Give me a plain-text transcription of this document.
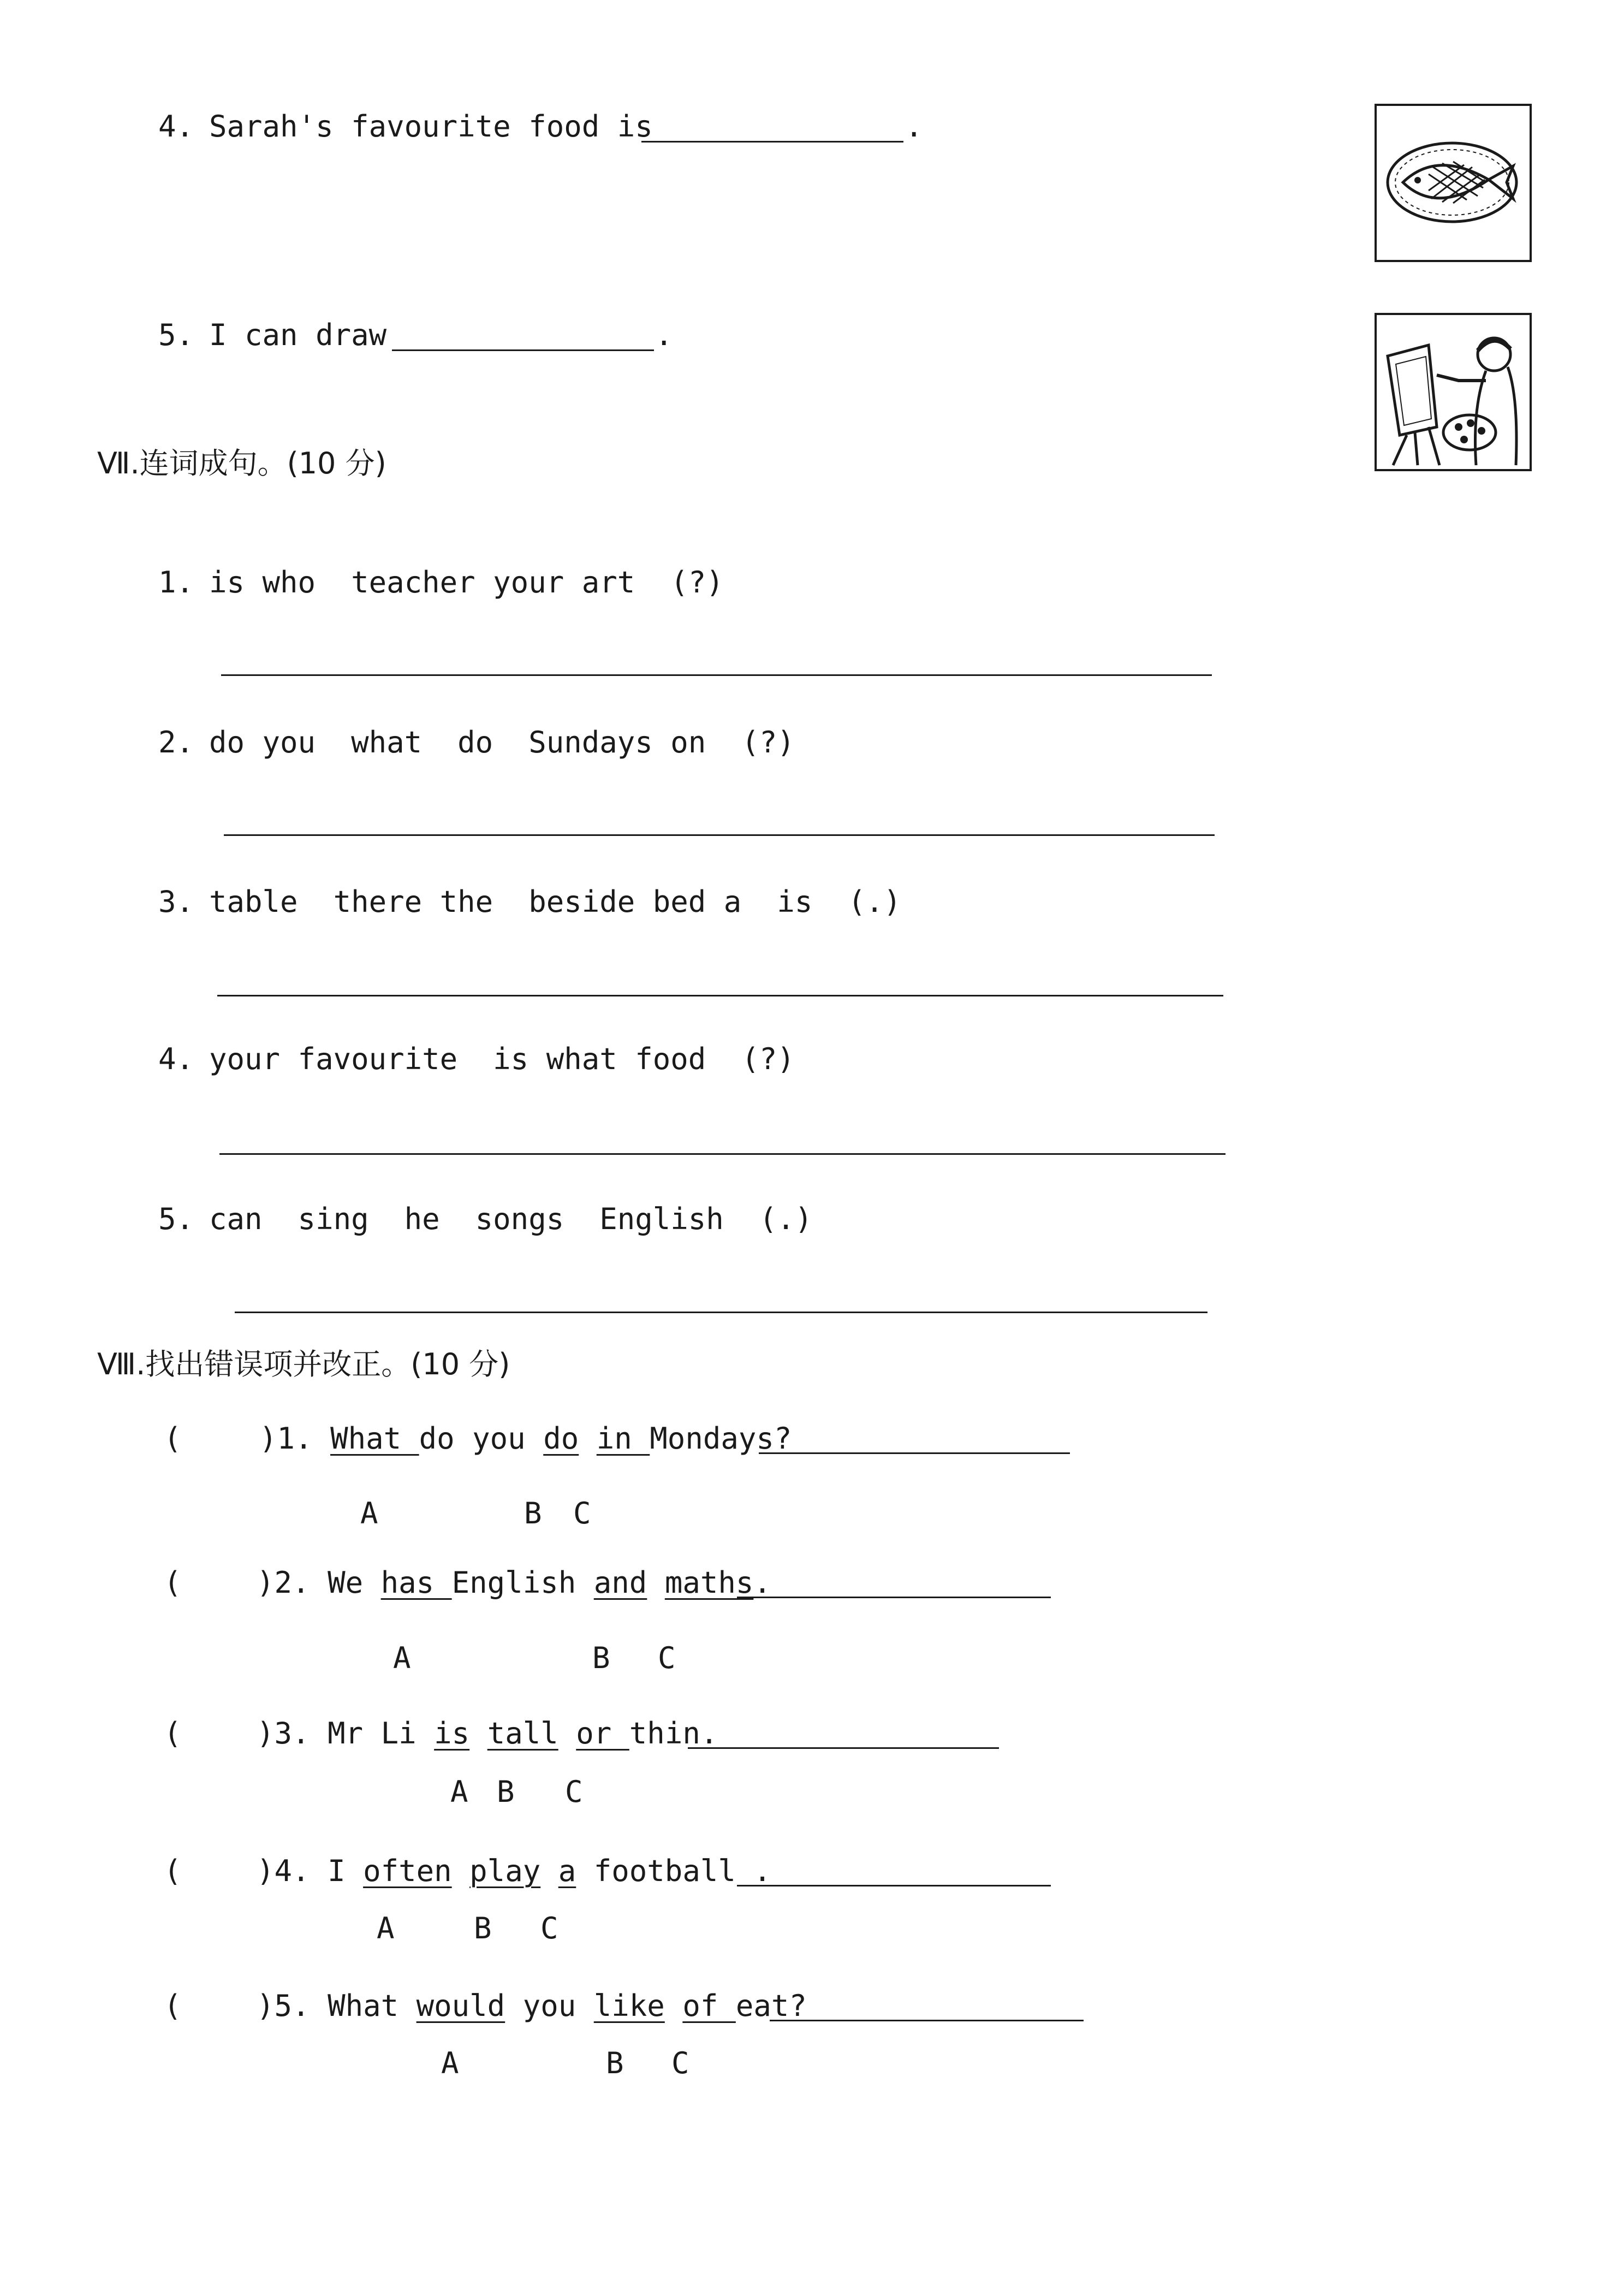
4. Sarah's favourite food is	.
5. I can draw	.
Ⅶ.连词成句。(10 分)
1. is who  teacher your art  (?)
2. do you  what  do  Sundays on  (?)
3. table  there the  beside bed a  is  (.)
4. your favourite  is what food  (?)
5. can  sing  he  songs  English  (.)
Ⅷ.找出错误项并改正。(10 分)
(	)1. What do you do in Mondays?
A	B C
(	)2. We has English and maths.
A	B C
(	)3. Mr Li is tall or thin.
A B C
(	)4. I often play a football .
A	B C
(	)5. What would you like of eat?
A	B C
